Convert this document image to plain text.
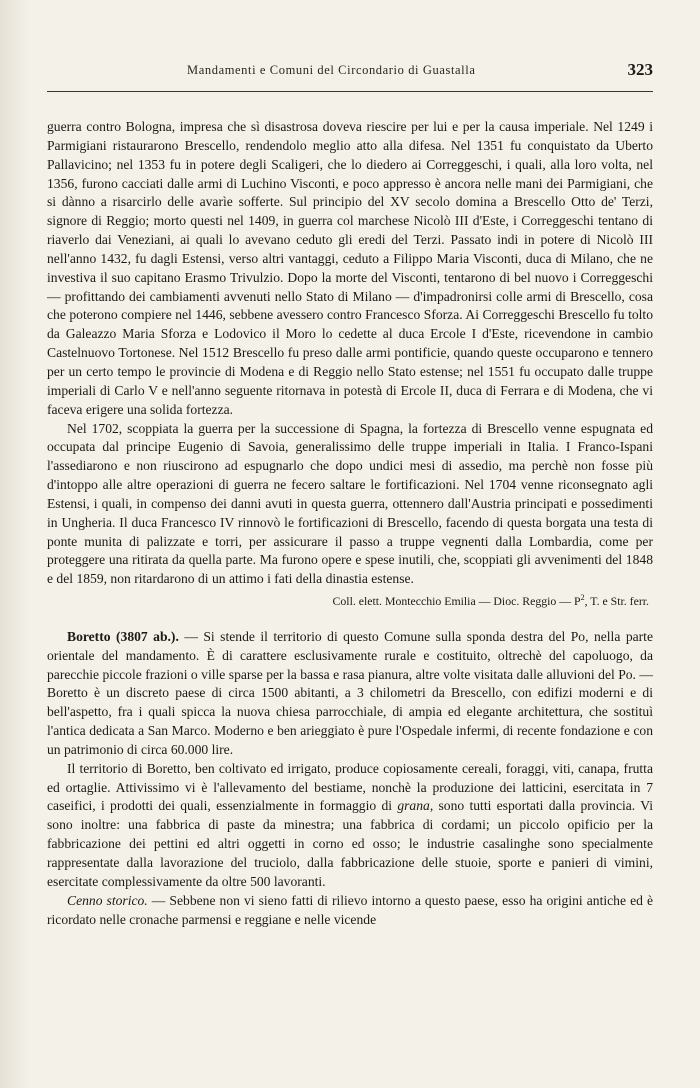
Mandamenti e Comuni del Circondario di Guastalla	323

guerra contro Bologna, impresa che sì disastrosa doveva riescire per lui e per la causa imperiale. Nel 1249 i Parmigiani ristaurarono Brescello, rendendolo meglio atto alla difesa. Nel 1351 fu conquistato da Uberto Pallavicino; nel 1353 fu in potere degli Scaligeri, che lo diedero ai Correggeschi, i quali, alla loro volta, nel 1356, furono cacciati dalle armi di Luchino Visconti, e poco appresso è ancora nelle mani dei Parmigiani, che si dànno a risarcirlo delle avarìe sofferte. Sul principio del XV secolo domina a Brescello Otto de' Terzi, signore di Reggio; morto questi nel 1409, in guerra col marchese Nicolò III d'Este, i Correggeschi tentano di riaverlo dai Veneziani, ai quali lo avevano ceduto gli eredi del Terzi. Passato indi in potere di Nicolò III nell'anno 1432, fu dagli Estensi, verso altri vantaggi, ceduto a Filippo Maria Visconti, duca di Milano, che ne investiva il suo capitano Erasmo Trivulzio. Dopo la morte del Visconti, tentarono di bel nuovo i Correggeschi — profittando dei cambiamenti avvenuti nello Stato di Milano — d'impadronirsi colle armi di Brescello, cosa che poterono compiere nel 1446, sebbene avessero contro Francesco Sforza. Ai Correggeschi Brescello fu tolto da Galeazzo Maria Sforza e Lodovico il Moro lo cedette al duca Ercole I d'Este, ricevendone in cambio Castelnuovo Tortonese. Nel 1512 Brescello fu preso dalle armi pontificie, quando queste occuparono e tennero per un certo tempo le provincie di Modena e di Reggio nello Stato estense; nel 1551 fu occupato dalle truppe imperiali di Carlo V e nell'anno seguente ritornava in potestà di Ercole II, duca di Ferrara e di Modena, che vi faceva erigere una solida fortezza.

Nel 1702, scoppiata la guerra per la successione di Spagna, la fortezza di Brescello venne espugnata ed occupata dal principe Eugenio di Savoia, generalissimo delle truppe imperiali in Italia. I Franco-Ispani l'assediarono e non riuscirono ad espugnarlo che dopo undici mesi di assedio, ma perchè non fosse più d'intoppo alle altre operazioni di guerra ne fecero saltare le fortificazioni. Nel 1704 venne riconsegnato agli Estensi, i quali, in compenso dei danni avuti in questa guerra, ottennero dall'Austria principati e possedimenti in Ungheria. Il duca Francesco IV rinnovò le fortificazioni di Brescello, facendo di questa borgata una testa di ponte munita di palizzate e torri, per assicurare il passo a truppe vegnenti dalla Lombardia, come per proteggere una ritirata da quella parte. Ma furono opere e spese inutili, che, scoppiati gli avvenimenti del 1848 e del 1859, non ritardarono di un attimo i fati della dinastia estense.

Coll. elett. Montecchio Emilia — Dioc. Reggio — $P^2$, T. e Str. ferr.

Boretto (3807 ab.). — Si stende il territorio di questo Comune sulla sponda destra del Po, nella parte orientale del mandamento. È di carattere esclusivamente rurale e costituito, oltrechè del capoluogo, da parecchie piccole frazioni o ville sparse per la bassa e rasa pianura, altre volte visitata dalle alluvioni del Po. — Boretto è un discreto paese di circa 1500 abitanti, a 3 chilometri da Brescello, con edifizi moderni e di bell'aspetto, fra i quali spicca la nuova chiesa parrocchiale, di ampia ed elegante architettura, che sostituì l'antica dedicata a San Marco. Moderno e ben arieggiato è pure l'Ospedale infermi, di recente fondazione e con un patrimonio di circa 60.000 lire.

Il territorio di Boretto, ben coltivato ed irrigato, produce copiosamente cereali, foraggi, viti, canapa, frutta ed ortaglie. Attivissimo vi è l'allevamento del bestiame, nonchè la produzione dei latticini, esercitata in 7 caseifici, i prodotti dei quali, essenzialmente in formaggio di grana, sono tutti esportati dalla provincia. Vi sono inoltre: una fabbrica di paste da minestra; una fabbrica di cordami; un piccolo opificio per la fabbricazione dei pettini ed altri oggetti in corno ed osso; le industrie casalinghe sono specialmente rappresentate dalla lavorazione del truciolo, dalla fabbricazione delle stuoie, sporte e panieri di vimini, esercitate complessivamente da oltre 500 lavoranti.

Cenno storico. — Sebbene non vi sieno fatti di rilievo intorno a questo paese, esso ha origini antiche ed è ricordato nelle cronache parmensi e reggiane e nelle vicende
